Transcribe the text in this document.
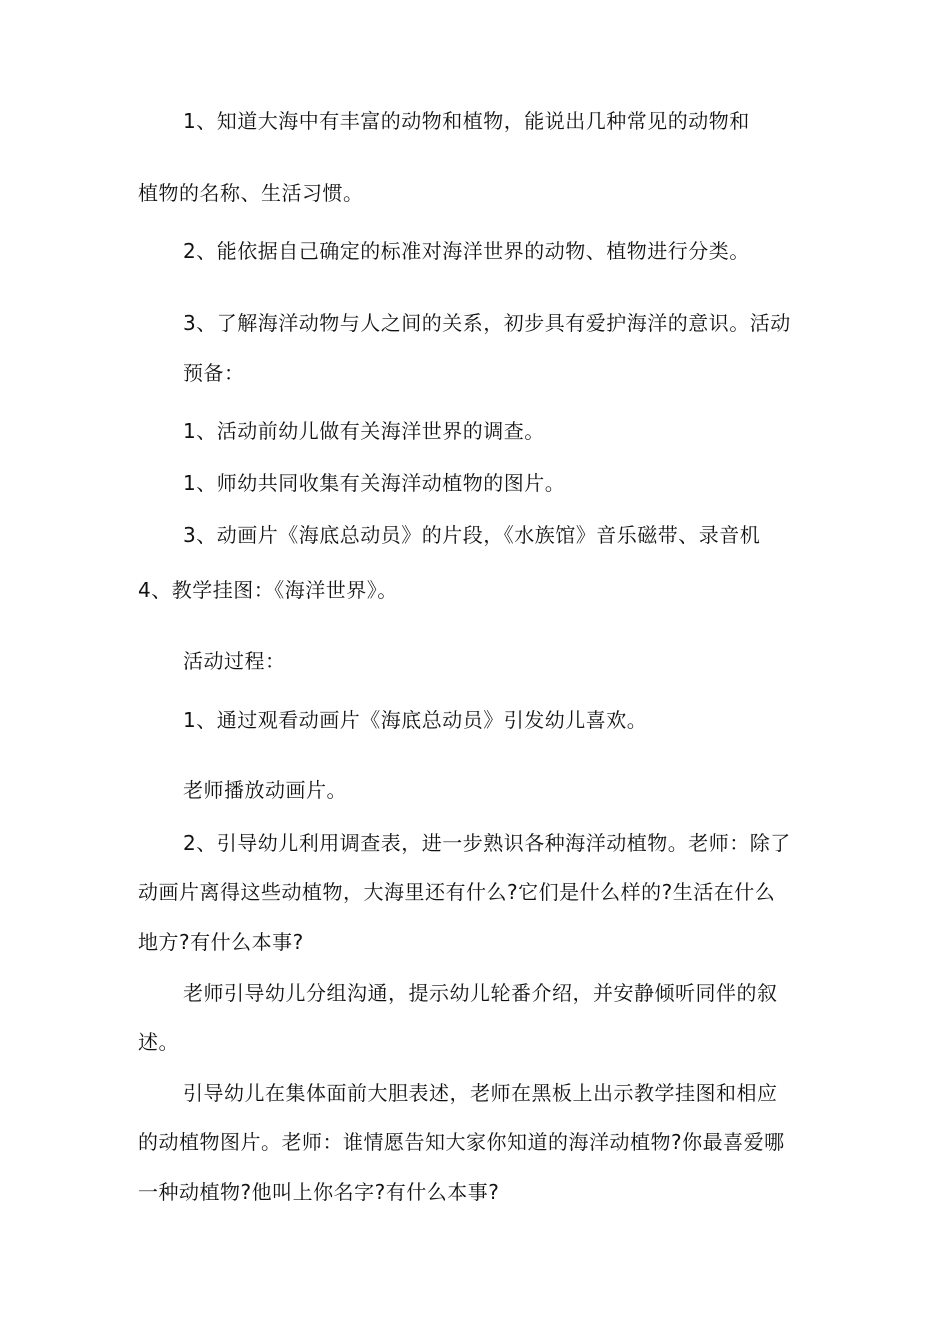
1、知道大海中有丰富的动物和植物，能说出几种常见的动物和
植物的名称、生活习惯。
2、能依据自己确定的标准对海洋世界的动物、植物进行分类。
3、了解海洋动物与人之间的关系，初步具有爱护海洋的意识。活动
预备：
1、活动前幼儿做有关海洋世界的调查。
1、师幼共同收集有关海洋动植物的图片。
3、动画片《海底总动员》的片段，《水族馆》音乐磁带、录音机
4、教学挂图：《海洋世界》。
活动过程：
1、通过观看动画片《海底总动员》引发幼儿喜欢。
老师播放动画片。
2、引导幼儿利用调查表，进一步熟识各种海洋动植物。老师：除了
动画片离得这些动植物，大海里还有什么?它们是什么样的?生活在什么
地方?有什么本事?
老师引导幼儿分组沟通，提示幼儿轮番介绍，并安静倾听同伴的叙
述。
引导幼儿在集体面前大胆表述，老师在黑板上出示教学挂图和相应
的动植物图片。老师：谁情愿告知大家你知道的海洋动植物?你最喜爱哪
一种动植物?他叫上你名字?有什么本事?
